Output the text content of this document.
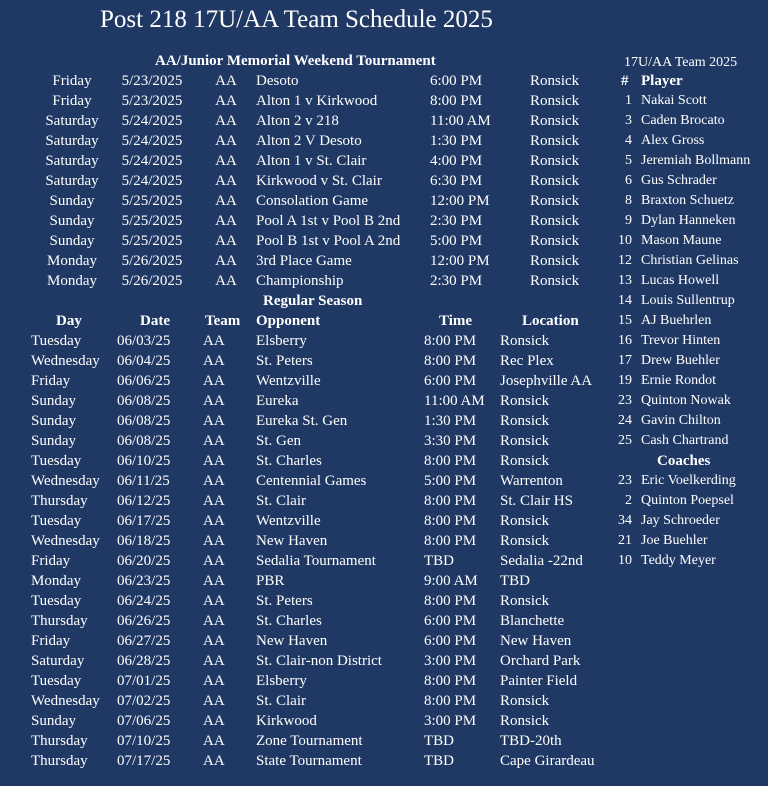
Post 218 17U/AA Team Schedule 2025
AA/Junior Memorial Weekend Tournament
Friday	5/23/2025	AA Desoto	6:00 PM	Ronsick
Friday	5/23/2025	AA Alton 1 v Kirkwood	8:00 PM	Ronsick
Saturday	5/24/2025	AA Alton 2 v 218	11:00 AM	Ronsick
Saturday	5/24/2025	AA Alton 2 V Desoto	1:30 PM	Ronsick
Saturday	5/24/2025	AA Alton 1 v St. Clair	4:00 PM	Ronsick
Saturday	5/24/2025	AA Kirkwood v St. Clair	6:30 PM	Ronsick
Sunday	5/25/2025	AA Consolation Game	12:00 PM	Ronsick
Sunday	5/25/2025	AA Pool A 1st v Pool B 2nd 2:30 PM	Ronsick
Sunday	5/25/2025	AA Pool B 1st v Pool A 2nd 5:00 PM	Ronsick
Monday	5/26/2025	AA 3rd Place Game	12:00 PM	Ronsick
Monday	5/26/2025	AA Championship	2:30 PM	Ronsick
Regular Season
Day	Date Team Opponent	Time	Location
Tuesday 06/03/25 AA Elsberry	8:00 PM Ronsick
Wednesday 06/04/25 AA St. Peters	8:00 PM Rec Plex
Friday	06/06/25 AA Wentzville	6:00 PM Josephville AA
Sunday	06/08/25 AA Eureka	11:00 AM Ronsick
Sunday	06/08/25 AA Eureka St. Gen	1:30 PM Ronsick
Sunday	06/08/25 AA St. Gen	3:30 PM Ronsick
Tuesday 06/10/25 AA St. Charles	8:00 PM Ronsick
Wednesday 06/11/25 AA Centennial Games	5:00 PM Warrenton
Thursday 06/12/25 AA St. Clair	8:00 PM St. Clair HS
Tuesday 06/17/25 AA Wentzville	8:00 PM Ronsick
Wednesday 06/18/25 AA New Haven	8:00 PM Ronsick
Friday	06/20/25 AA Sedalia Tournament	TBD	Sedalia -22nd
Monday 06/23/25 AA PBR	9:00 AM TBD
Tuesday 06/24/25 AA St. Peters	8:00 PM Ronsick
Thursday 06/26/25 AA St. Charles	6:00 PM Blanchette
Friday	06/27/25 AA New Haven	6:00 PM New Haven
Saturday 06/28/25 AA St. Clair-non District	3:00 PM Orchard Park
Tuesday 07/01/25 AA Elsberry	8:00 PM Painter Field
Wednesday 07/02/25 AA St. Clair	8:00 PM Ronsick
Sunday	07/06/25 AA Kirkwood	3:00 PM Ronsick
Thursday 07/10/25 AA Zone Tournament	TBD	TBD-20th
Thursday 07/17/25 AA State Tournament	TBD	Cape Girardeau
17U/AA Team 2025
# Player
1 Nakai Scott
3 Caden Brocato
4 Alex Gross
5 Jeremiah Bollmann
6 Gus Schrader
8 Braxton Schuetz
9 Dylan Hanneken
10 Mason Maune
12 Christian Gelinas
13 Lucas Howell
14 Louis Sullentrup
15 AJ Buehrlen
16 Trevor Hinten
17 Drew Buehler
19 Ernie Rondot
23 Quinton Nowak
24 Gavin Chilton
25 Cash Chartrand
Coaches
23 Eric Voelkerding
2 Quinton Poepsel
34 Jay Schroeder
21 Joe Buehler
10 Teddy Meyer
